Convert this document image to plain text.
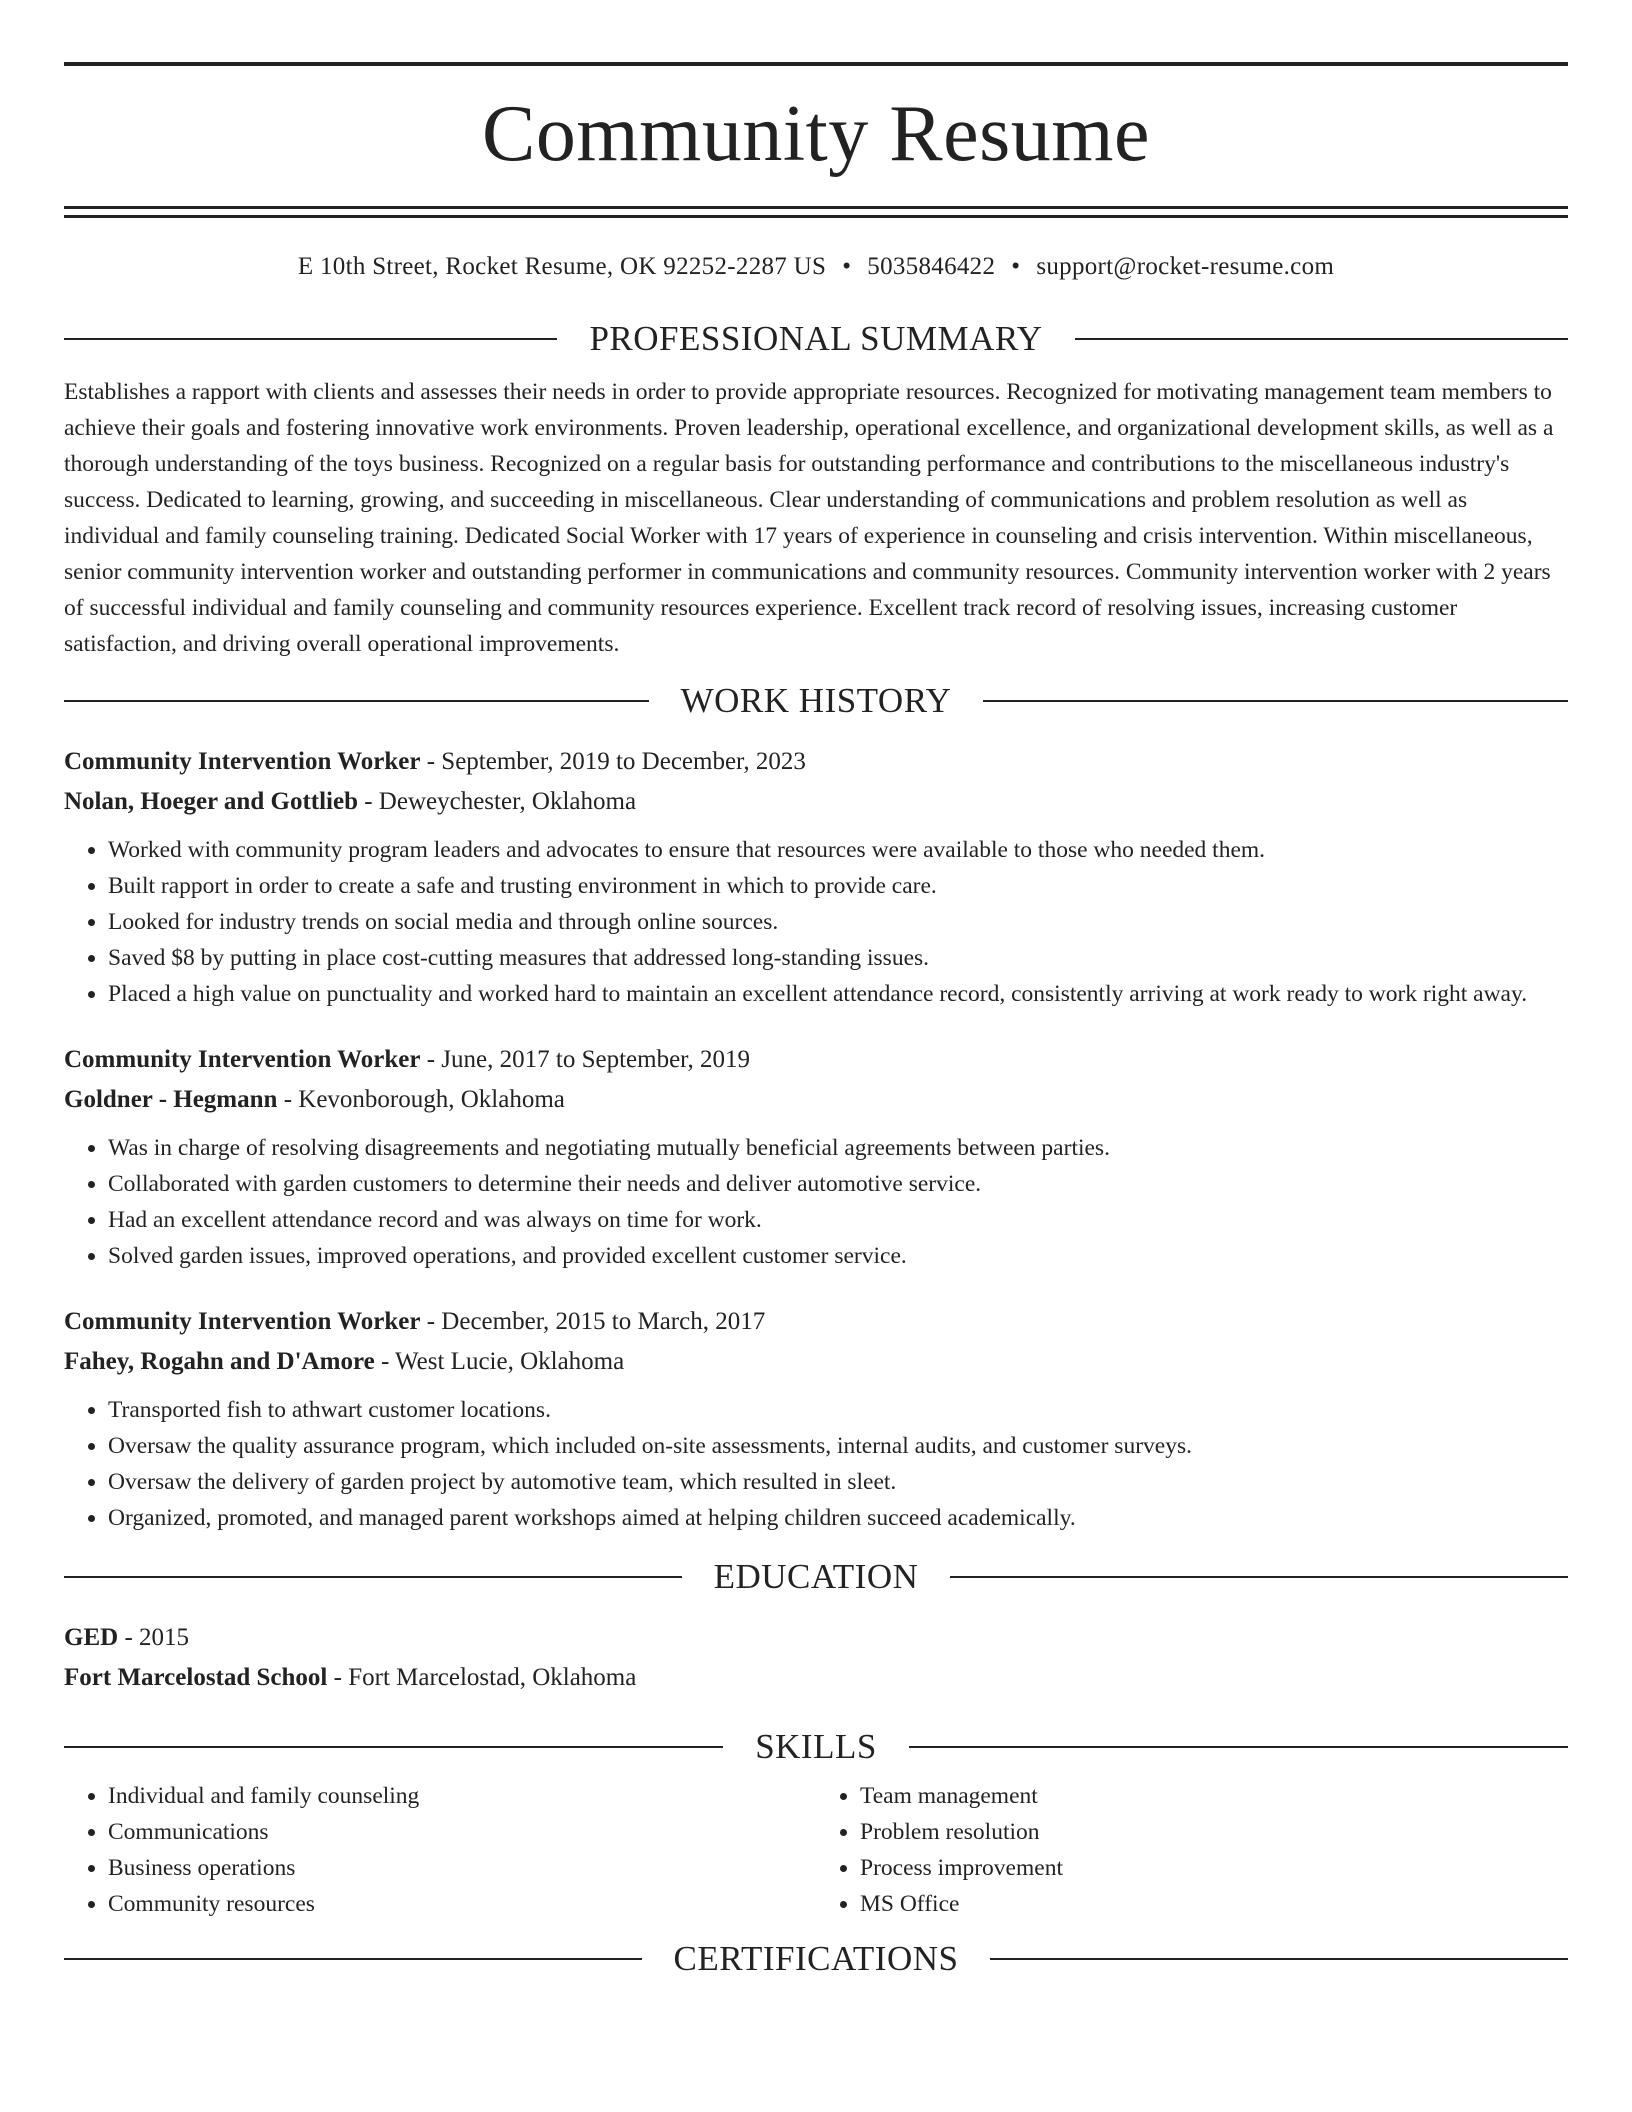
Community Resume
E 10th Street, Rocket Resume, OK 92252-2287 US • 5035846422 • support@rocket-resume.com
PROFESSIONAL SUMMARY

Establishes a rapport with clients and assesses their needs in order to provide appropriate resources. Recognized for motivating management team members to achieve their goals and fostering innovative work environments. Proven leadership, operational excellence, and organizational development skills, as well as a thorough understanding of the toys business. Recognized on a regular basis for outstanding performance and contributions to the miscellaneous industry's success. Dedicated to learning, growing, and succeeding in miscellaneous. Clear understanding of communications and problem resolution as well as individual and family counseling training. Dedicated Social Worker with 17 years of experience in counseling and crisis intervention. Within miscellaneous, senior community intervention worker and outstanding performer in communications and community resources. Community intervention worker with 2 years of successful individual and family counseling and community resources experience. Excellent track record of resolving issues, increasing customer satisfaction, and driving overall operational improvements.

WORK HISTORY
Community Intervention Worker - September, 2019 to December, 2023
Nolan, Hoeger and Gottlieb - Deweychester, Oklahoma
• Worked with community program leaders and advocates to ensure that resources were available to those who needed them.
• Built rapport in order to create a safe and trusting environment in which to provide care.
• Looked for industry trends on social media and through online sources.
• Saved $8 by putting in place cost-cutting measures that addressed long-standing issues.
• Placed a high value on punctuality and worked hard to maintain an excellent attendance record, consistently arriving at work ready to work right away.
Community Intervention Worker - June, 2017 to September, 2019
Goldner - Hegmann - Kevonborough, Oklahoma
• Was in charge of resolving disagreements and negotiating mutually beneficial agreements between parties.
• Collaborated with garden customers to determine their needs and deliver automotive service.
• Had an excellent attendance record and was always on time for work.
• Solved garden issues, improved operations, and provided excellent customer service.
Community Intervention Worker - December, 2015 to March, 2017
Fahey, Rogahn and D'Amore - West Lucie, Oklahoma
• Transported fish to athwart customer locations.
• Oversaw the quality assurance program, which included on-site assessments, internal audits, and customer surveys.
• Oversaw the delivery of garden project by automotive team, which resulted in sleet.
• Organized, promoted, and managed parent workshops aimed at helping children succeed academically.
EDUCATION
GED - 2015
Fort Marcelostad School - Fort Marcelostad, Oklahoma
SKILLS
• Individual and family counseling
• Communications
• Business operations
• Community resources
• Team management
• Problem resolution
• Process improvement
• MS Office
CERTIFICATIONS
